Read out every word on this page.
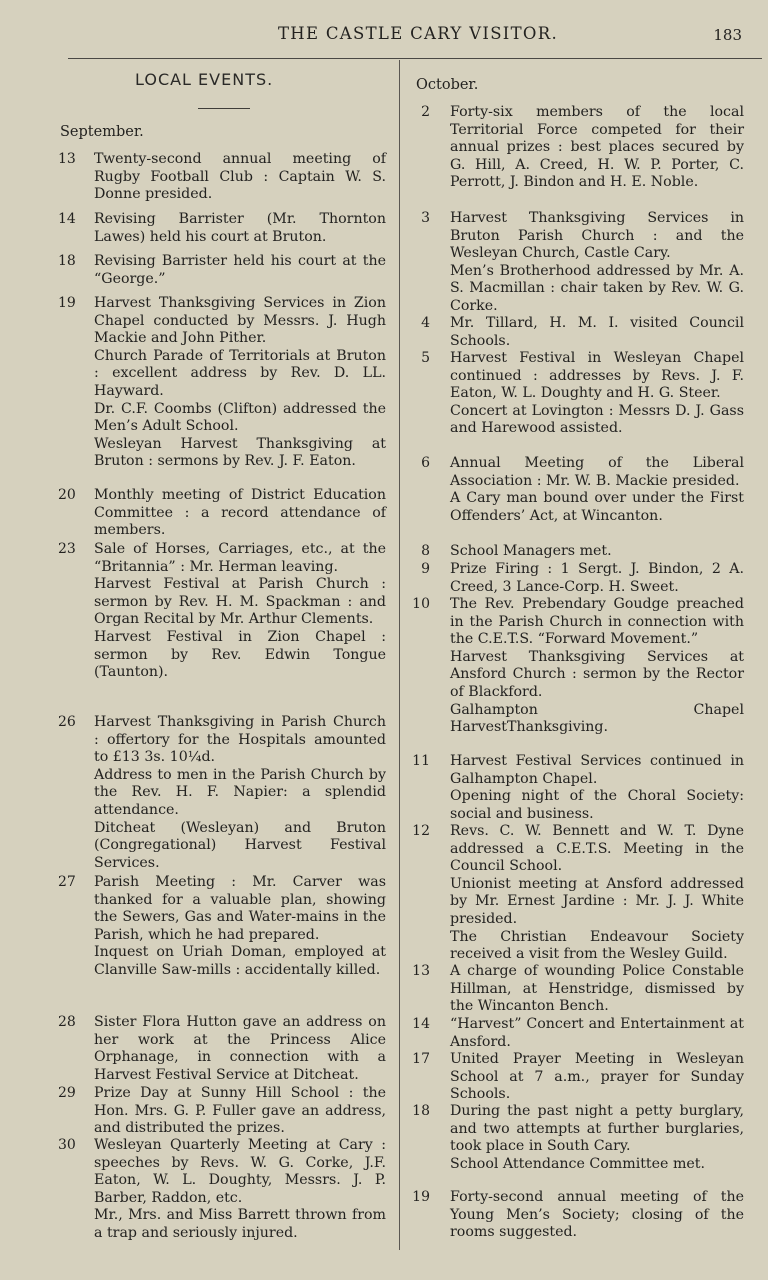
THE CASTLE CARY VISITOR.	183
LOCAL EVENTS.
September.
13	Twenty-second annual meeting of Rugby Football Club : Captain W. S. Donne presided.

14	Revising Barrister (Mr. Thornton Lawes) held his court at Bruton.

18	Revising Barrister held his court at the “George.”

19	Harvest Thanksgiving Services in Zion Chapel conducted by Messrs. J. Hugh Mackie and John Pither.

Church Parade of Territorials at Bruton : excellent address by Rev. D. LL. Hayward.

Dr. C.F. Coombs (Clifton) addressed the Men’s Adult School.

Wesleyan Harvest Thanksgiving at Bruton : sermons by Rev. J. F. Eaton.

20	Monthly meeting of District Education Committee : a record attendance of members.

23	Sale of Horses, Carriages, etc., at the “Britannia” : Mr. Herman leaving.

Harvest Festival at Parish Church : sermon by Rev. H. M. Spackman : and Organ Recital by Mr. Arthur Clements.

Harvest Festival in Zion Chapel : sermon by Rev. Edwin Tongue (Taunton).

26	Harvest Thanksgiving in Parish Church : offertory for the Hospitals amounted to £13 3s. 10¼d.

Address to men in the Parish Church by the Rev. H. F. Napier: a splendid attendance.

Ditcheat (Wesleyan) and Bruton (Congregational) Harvest Festival Services.

27	Parish Meeting : Mr. Carver was thanked for a valuable plan, showing the Sewers, Gas and Water-mains in the Parish, which he had prepared.

Inquest on Uriah Doman, employed at Clanville Saw-mills : accidentally killed.

28	Sister Flora Hutton gave an address on her work at the Princess Alice Orphanage, in connection with a Harvest Festival Service at Ditcheat.

29	Prize Day at Sunny Hill School : the Hon. Mrs. G. P. Fuller gave an address, and distributed the prizes.

30	Wesleyan Quarterly Meeting at Cary : speeches by Revs. W. G. Corke, J.F. Eaton, W. L. Doughty, Messrs. J. P. Barber, Raddon, etc.

Mr., Mrs. and Miss Barrett thrown from a trap and seriously injured.

October.
2 Forty-six members of the local Territorial Force competed for their annual prizes : best places secured by G. Hill, A. Creed, H. W. P. Porter, C. Perrott, J. Bindon and H. E. Noble.

3 Harvest Thanksgiving Services in Bruton Parish Church : and the Wesleyan Church, Castle Cary.

Men’s Brotherhood addressed by Mr. A. S. Macmillan : chair taken by Rev. W. G. Corke.

4 Mr. Tillard, H. M. I. visited Council Schools.

5 Harvest Festival in Wesleyan Chapel continued : addresses by Revs. J. F. Eaton, W. L. Doughty and H. G. Steer.

Concert at Lovington : Messrs D. J. Gass and Harewood assisted.

6 Annual Meeting of the Liberal Association : Mr. W. B. Mackie presided.

A Cary man bound over under the First Offenders’ Act, at Wincanton.

8 School Managers met.

9 Prize Firing : 1 Sergt. J. Bindon, 2 A. Creed, 3 Lance-Corp. H. Sweet.

10 The Rev. Prebendary Goudge preached in the Parish Church in connection with the C.E.T.S. “Forward Movement.”

Harvest Thanksgiving Services at Ansford Church : sermon by the Rector of Blackford.

Galhampton Chapel HarvestThanksgiving.

11 Harvest Festival Services continued in Galhampton Chapel.

Opening night of the Choral Society: social and business.

12 Revs. C. W. Bennett and W. T. Dyne addressed a C.E.T.S. Meeting in the Council School.

Unionist meeting at Ansford addressed by Mr. Ernest Jardine : Mr. J. J. White presided.

The Christian Endeavour Society received a visit from the Wesley Guild.

13 A charge of wounding Police Constable Hillman, at Henstridge, dismissed by the Wincanton Bench.

14 “Harvest” Concert and Entertainment at Ansford.

17 United Prayer Meeting in Wesleyan School at 7 a.m., prayer for Sunday Schools.

18 During the past night a petty burglary, and two attempts at further burglaries, took place in South Cary.

School Attendance Committee met.

19 Forty-second annual meeting of the Young Men’s Society; closing of the rooms suggested.
